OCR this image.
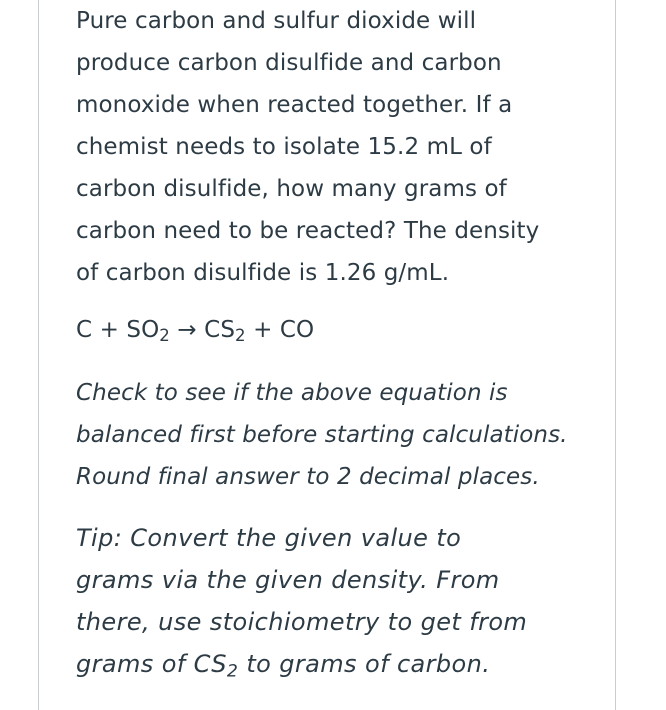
Pure carbon and sulfur dioxide will
produce carbon disulfide and carbon
monoxide when reacted together. If a
chemist needs to isolate 15.2 mL of
carbon disulfide, how many grams of
carbon need to be reacted? The density
of carbon disulfide is 1.26 g/mL.

$C + SO_2 \to CS_2$ + CO

Check to see if the above equation is
balanced first before starting calculations.
Round final answer to 2 decimal places.

Tip: Convert the given value to
grams via the given density. From
there, use stoichiometry to get from
grams of $CS_2$ to grams of carbon.
